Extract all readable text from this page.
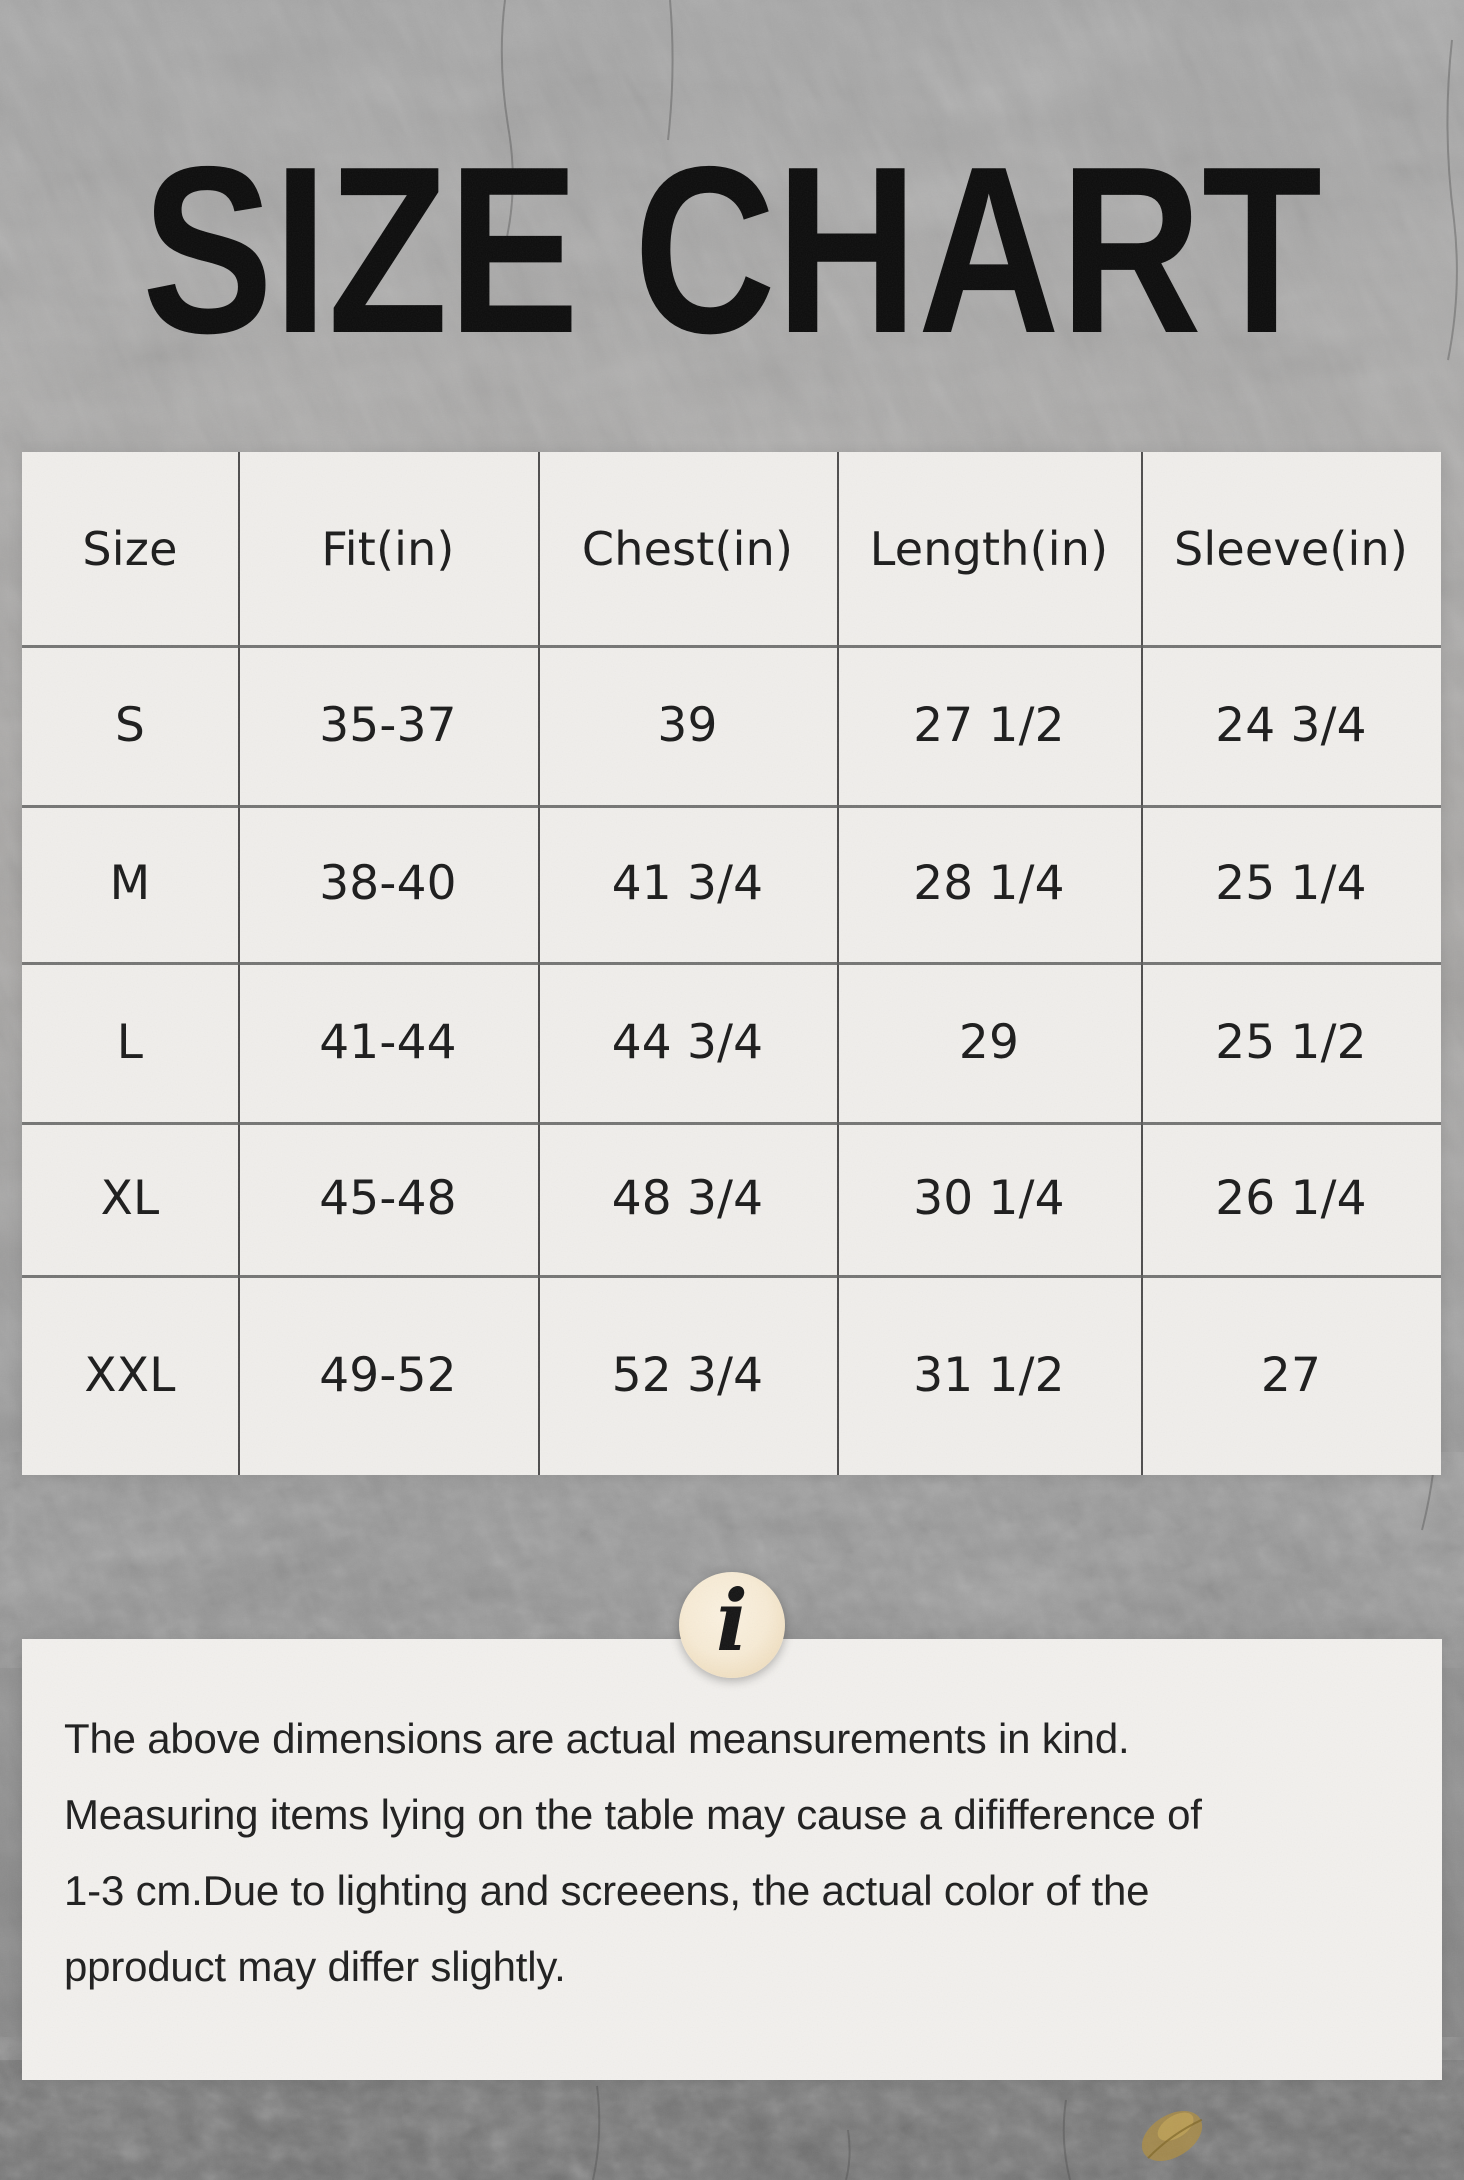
SIZE CHART
Size	Fit(in)	Chest(in)	Length(in)	Sleeve(in)
S	35-37	39	27 1/2	24 3/4
M	38-40	41 3/4	28 1/4	25 1/4
L	41-44	44 3/4	29	25 1/2
XL	45-48	48 3/4	30 1/4	26 1/4
XXL	49-52	52 3/4	31 1/2	27
i

The above dimensions are actual meansurements in kind.

Measuring items lying on the table may cause a dififference of

1-3 cm.Due to lighting and screeens, the actual color of the

pproduct may differ slightly.
